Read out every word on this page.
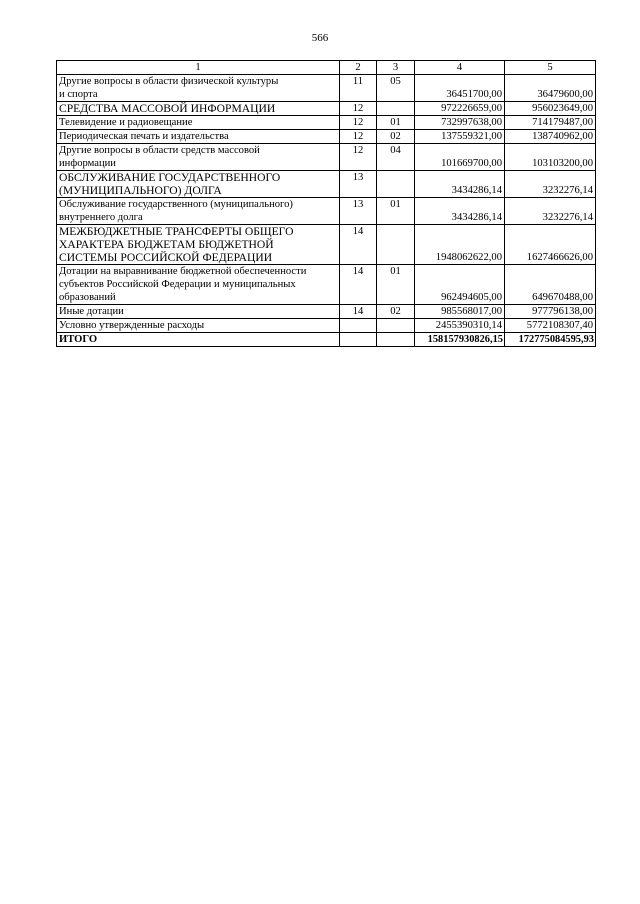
566
1	2	3	4	5

Другие вопросы в области физической культуры
и спорта	11	05	36451700,00	36479600,00

СРЕДСТВА МАССОВОЙ ИНФОРМАЦИИ	12		972226659,00	956023649,00

Телевидение и радиовещание	12	01	732997638,00	714179487,00

Периодическая печать и издательства	12	02	137559321,00	138740962,00

Другие вопросы в области средств массовой
информации	12	04	101669700,00	103103200,00

ОБСЛУЖИВАНИЕ ГОСУДАРСТВЕННОГО
(МУНИЦИПАЛЬНОГО) ДОЛГА	13		3434286,14	3232276,14

Обслуживание государственного (муниципального)
внутреннего долга	13	01	3434286,14	3232276,14

МЕЖБЮДЖЕТНЫЕ ТРАНСФЕРТЫ ОБЩЕГО
ХАРАКТЕРА БЮДЖЕТАМ БЮДЖЕТНОЙ
СИСТЕМЫ РОССИЙСКОЙ ФЕДЕРАЦИИ	14		1948062622,00	1627466626,00

Дотации на выравнивание бюджетной обеспеченности
субъектов Российской Федерации и муниципальных
образований	14	01	962494605,00	649670488,00

Иные дотации	14	02	985568017,00	977796138,00

Условно утвержденные расходы			2455390310,14	5772108307,40
ИТОГО			158157930826,15	172775084595,93
